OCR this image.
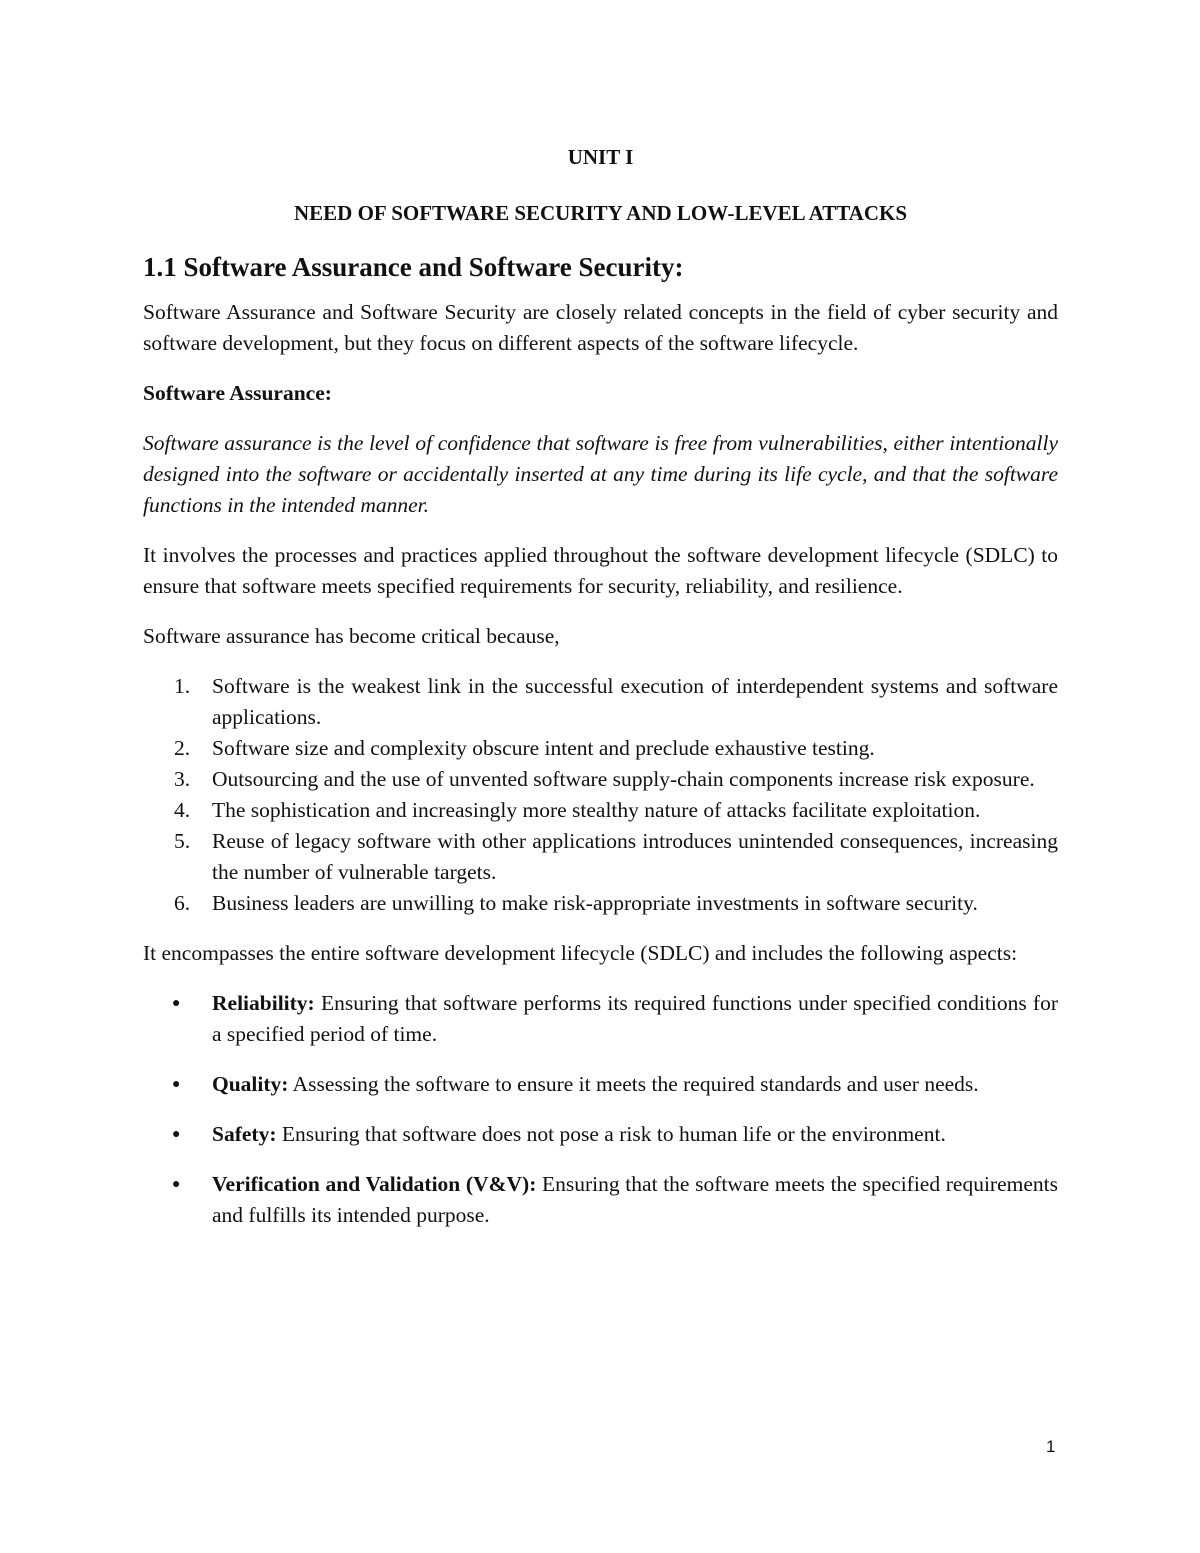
UNIT I
NEED OF SOFTWARE SECURITY AND LOW-LEVEL ATTACKS
1.1 Software Assurance and Software Security:

Software Assurance and Software Security are closely related concepts in the field of cyber security and software development, but they focus on different aspects of the software lifecycle.

Software Assurance:

Software assurance is the level of confidence that software is free from vulnerabilities, either intentionally designed into the software or accidentally inserted at any time during its life cycle, and that the software functions in the intended manner.

It involves the processes and practices applied throughout the software development lifecycle (SDLC) to ensure that software meets specified requirements for security, reliability, and resilience.

Software assurance has become critical because,

1. Software is the weakest link in the successful execution of interdependent systems and software applications.
2. Software size and complexity obscure intent and preclude exhaustive testing.
3. Outsourcing and the use of unvented software supply-chain components increase risk exposure.
4. The sophistication and increasingly more stealthy nature of attacks facilitate exploitation.
5. Reuse of legacy software with other applications introduces unintended consequences, increasing the number of vulnerable targets.
6. Business leaders are unwilling to make risk-appropriate investments in software security.

It encompasses the entire software development lifecycle (SDLC) and includes the following aspects:

● Reliability: Ensuring that software performs its required functions under specified conditions for a specified period of time.
● Quality: Assessing the software to ensure it meets the required standards and user needs.
● Safety: Ensuring that software does not pose a risk to human life or the environment.
● Verification and Validation (V&V): Ensuring that the software meets the specified requirements and fulfills its intended purpose.
1
